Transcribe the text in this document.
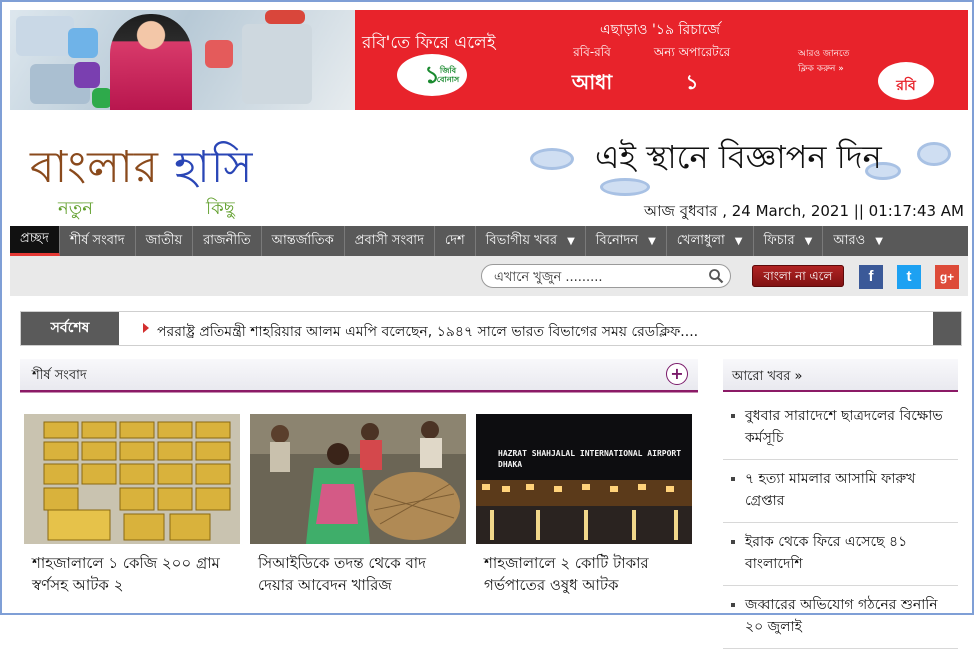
রবি'তে ফিরে এলেই
১ জিবি বোনাস
এছাড়াও '১৯ রিচার্জে
রবি-রবি
আধা
অন্য অপারেটরে
১
আরও জানতে ক্লিক করুন »
রবি
বাংলার হাসি
নতুন	কিছু
এই স্থানে বিজ্ঞাপন দিন
আজ বুধবার , 24 March, 2021 || 01:17:43 AM
প্রচ্ছদ শীর্ষ সংবাদ জাতীয় রাজনীতি আন্তর্জাতিক প্রবাসী সংবাদ দেশ বিভাগীয় খবর ▼ বিনোদন ▼ খেলাধুলা ▼ ফিচার ▼ আরও ▼
এখানে খুজুন .........
বাংলা না এলে	f	t	g+
সর্বশেষ	পররাষ্ট্র প্রতিমন্ত্রী শাহরিয়ার আলম এমপি বলেছেন, ১৯৪৭ সালে ভারত বিভাগের সময় রেডক্লিফ....
শীর্ষ সংবাদ	+
শাহজালালে ১ কেজি ২০০ গ্রাম স্বর্ণসহ আটক ২
সিআইডিকে তদন্ত থেকে বাদ দেয়ার আবেদন খারিজ
HAZRAT SHAHJALAL INTERNATIONAL AIRPORT DHAKA
শাহজালালে ২ কোটি টাকার গর্ভপাতের ওষুধ আটক
আরো খবর »
বুধবার সারাদেশে ছাত্রদলের বিক্ষোভ কর্মসূচি
৭ হত্যা মামলার আসামি ফারুখ গ্রেপ্তার
ইরাক থেকে ফিরে এসেছে ৪১ বাংলাদেশি
জব্বারের অভিযোগ গঠনের শুনানি ২০ জুলাই
